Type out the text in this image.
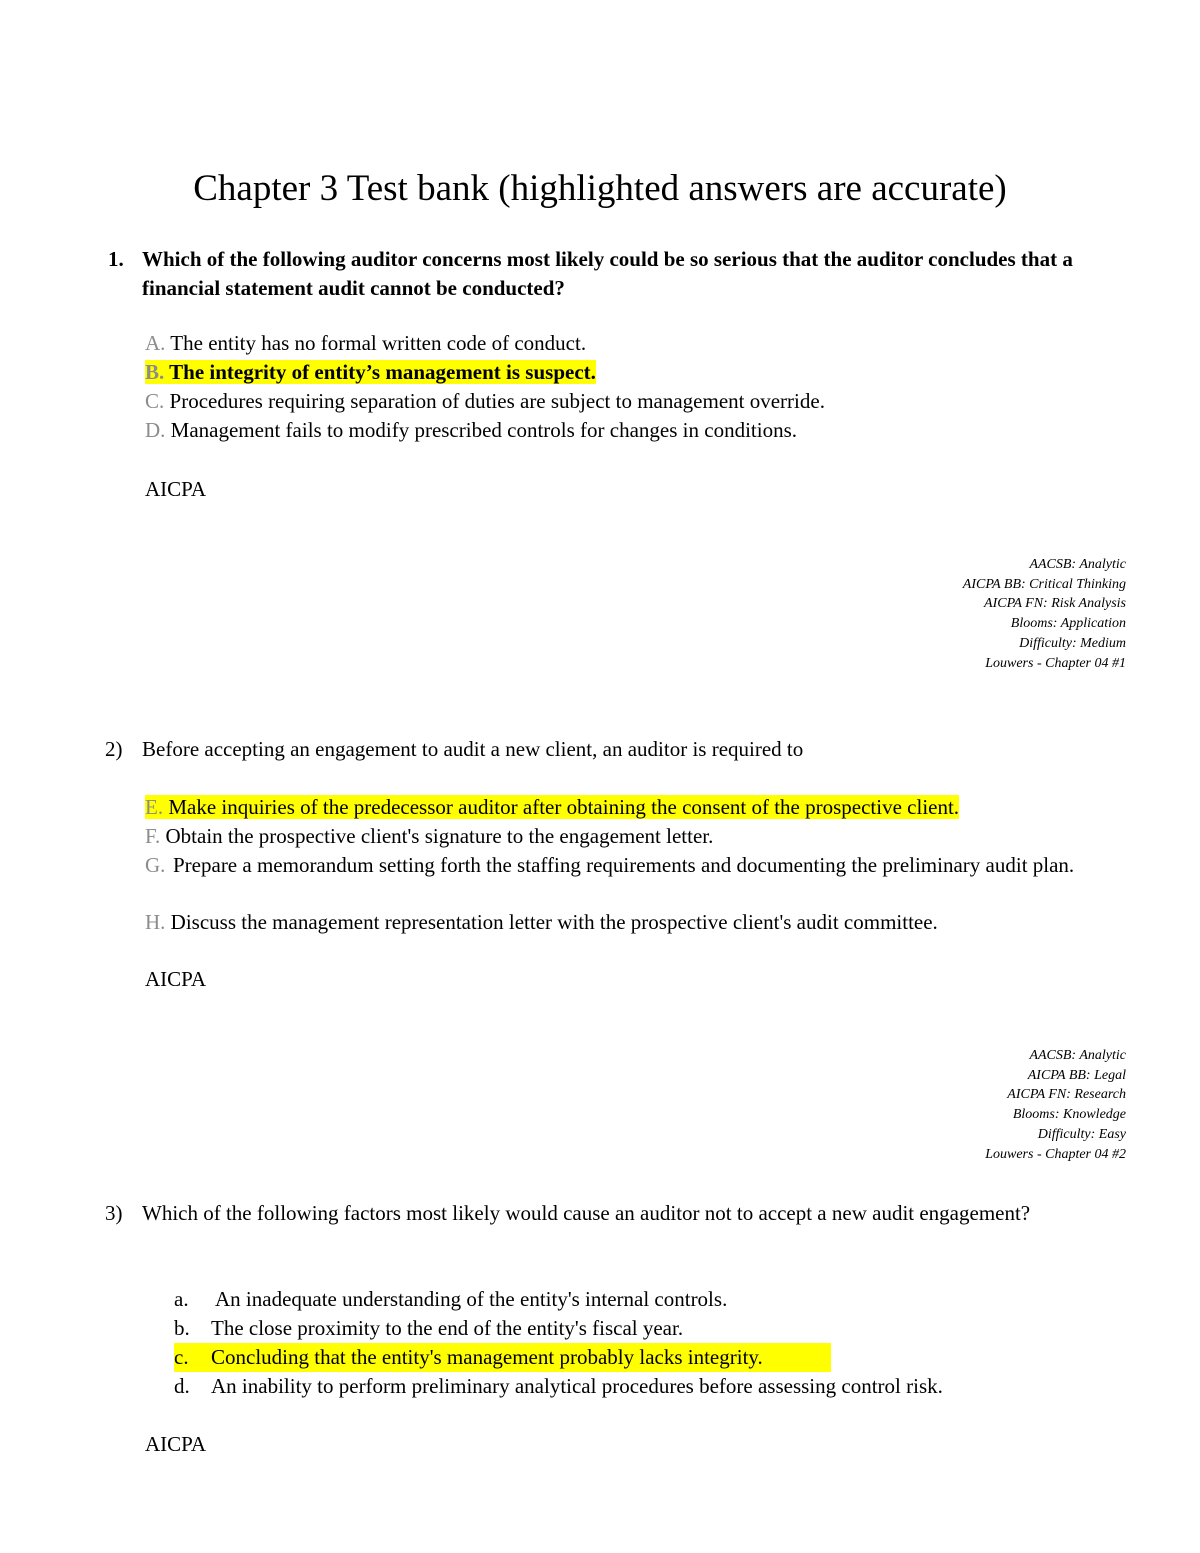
Chapter 3 Test bank (highlighted answers are accurate)
1. Which of the following auditor concerns most likely could be so serious that the auditor concludes that a financial statement audit cannot be conducted?
A. The entity has no formal written code of conduct.
B. The integrity of entity’s management is suspect.
C. Procedures requiring separation of duties are subject to management override.
D. Management fails to modify prescribed controls for changes in conditions.
AICPA
AACSB: Analytic
AICPA BB: Critical Thinking
AICPA FN: Risk Analysis
Blooms: Application
Difficulty: Medium
Louwers - Chapter 04 #1
2) Before accepting an engagement to audit a new client, an auditor is required to
E. Make inquiries of the predecessor auditor after obtaining the consent of the prospective client.
F. Obtain the prospective client's signature to the engagement letter.
G. Prepare a memorandum setting forth the staffing requirements and documenting the preliminary audit plan.
H. Discuss the management representation letter with the prospective client's audit committee.
AICPA
AACSB: Analytic
AICPA BB: Legal
AICPA FN: Research
Blooms: Knowledge
Difficulty: Easy
Louwers - Chapter 04 #2
3) Which of the following factors most likely would cause an auditor not to accept a new audit engagement?
a. An inadequate understanding of the entity's internal controls.
b. The close proximity to the end of the entity's fiscal year.
c. Concluding that the entity's management probably lacks integrity.
d. An inability to perform preliminary analytical procedures before assessing control risk.
AICPA
